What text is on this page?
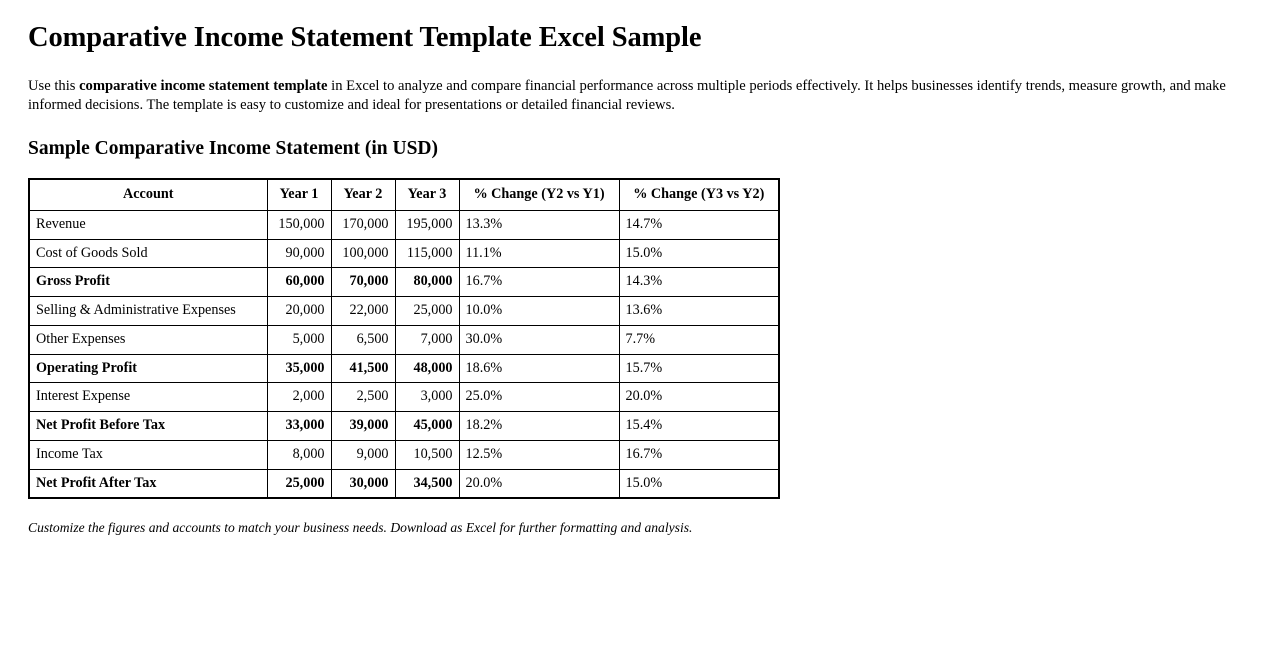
Comparative Income Statement Template Excel Sample

Use this comparative income statement template in Excel to analyze and compare financial performance across multiple periods effectively. It helps businesses identify trends, measure growth, and make informed decisions. The template is easy to customize and ideal for presentations or detailed financial reviews.

Sample Comparative Income Statement (in USD)
Account	Year 1	Year 2	Year 3	% Change (Y2 vs Y1)	% Change (Y3 vs Y2)
Revenue	150,000	170,000	195,000	13.3%	14.7%
Cost of Goods Sold	90,000	100,000	115,000	11.1%	15.0%
Gross Profit	60,000	70,000	80,000	16.7%	14.3%
Selling & Administrative Expenses	20,000	22,000	25,000	10.0%	13.6%
Other Expenses	5,000	6,500	7,000	30.0%	7.7%
Operating Profit	35,000	41,500	48,000	18.6%	15.7%
Interest Expense	2,000	2,500	3,000	25.0%	20.0%
Net Profit Before Tax	33,000	39,000	45,000	18.2%	15.4%
Income Tax	8,000	9,000	10,500	12.5%	16.7%
Net Profit After Tax	25,000	30,000	34,500	20.0%	15.0%

Customize the figures and accounts to match your business needs. Download as Excel for further formatting and analysis.
